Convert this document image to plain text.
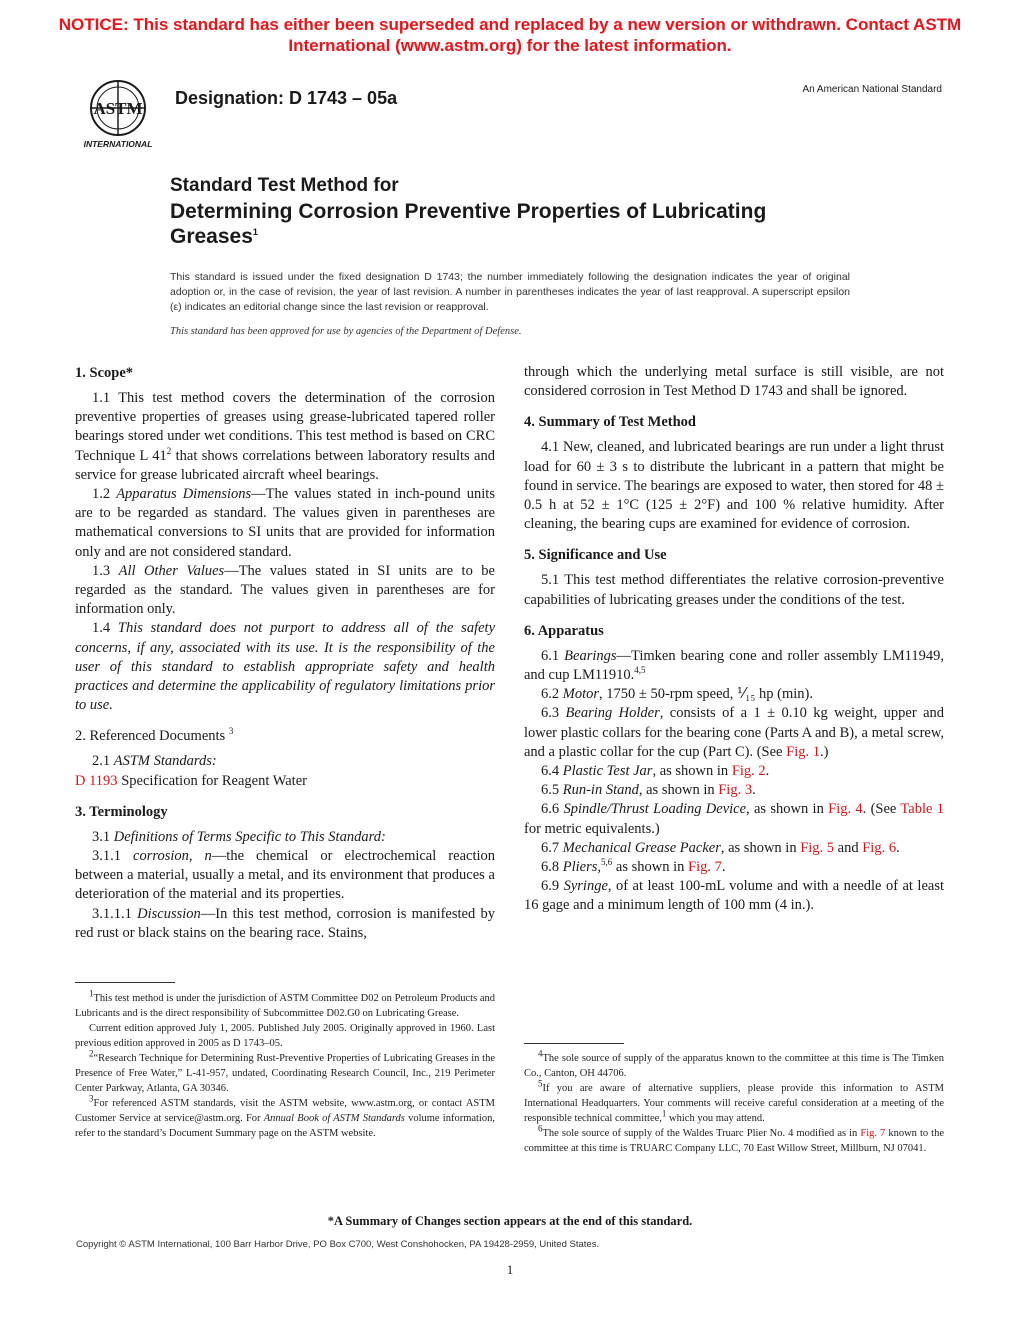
NOTICE: This standard has either been superseded and replaced by a new version or withdrawn. Contact ASTM
International (www.astm.org) for the latest information.
ASTM
INTERNATIONAL
Designation: D 1743 – 05a	An American National Standard
Standard Test Method for
Determining Corrosion Preventive Properties of Lubricating
Greases$^1$
This standard is issued under the fixed designation D 1743; the number immediately following the designation indicates the year of original adoption or, in the case of revision, the year of last revision. A number in parentheses indicates the year of last reapproval. A superscript epsilon (ε) indicates an editorial change since the last revision or reapproval.
This standard has been approved for use by agencies of the Department of Defense.
1. Scope*

1.1 This test method covers the determination of the corrosion preventive properties of greases using grease-lubricated tapered roller bearings stored under wet conditions. This test method is based on CRC Technique L $41^2$ that shows correlations between laboratory results and service for grease lubricated aircraft wheel bearings.

1.2 Apparatus Dimensions—The values stated in inch-pound units are to be regarded as standard. The values given in parentheses are mathematical conversions to SI units that are provided for information only and are not considered standard.

1.3 All Other Values—The values stated in SI units are to be regarded as the standard. The values given in parentheses are for information only.

1.4 This standard does not purport to address all of the safety concerns, if any, associated with its use. It is the responsibility of the user of this standard to establish appropriate safety and health practices and determine the applicability of regulatory limitations prior to use.

2. Referenced Documents $^3$

2.1 ASTM Standards:

D 1193 Specification for Reagent Water

3. Terminology

3.1 Definitions of Terms Specific to This Standard:

3.1.1 corrosion, n—the chemical or electrochemical reaction between a material, usually a metal, and its environment that produces a deterioration of the material and its properties.

3.1.1.1 Discussion—In this test method, corrosion is manifested by red rust or black stains on the bearing race. Stains,

$^1$This test method is under the jurisdiction of ASTM Committee D02 on Petroleum Products and Lubricants and is the direct responsibility of Subcommittee D02.G0 on Lubricating Grease.

Current edition approved July 1, 2005. Published July 2005. Originally approved in 1960. Last previous edition approved in 2005 as D 1743–05.

$^2$“Research Technique for Determining Rust-Preventive Properties of Lubricating Greases in the Presence of Free Water,” L-41-957, undated, Coordinating Research Council, Inc., 219 Perimeter Center Parkway, Atlanta, GA 30346.

$^3$For referenced ASTM standards, visit the ASTM website, www.astm.org, or contact ASTM Customer Service at service@astm.org. For Annual Book of ASTM Standards volume information, refer to the standard’s Document Summary page on the ASTM website.

through which the underlying metal surface is still visible, are not considered corrosion in Test Method D 1743 and shall be ignored.

4. Summary of Test Method

4.1 New, cleaned, and lubricated bearings are run under a light thrust load for 60 ± 3 s to distribute the lubricant in a pattern that might be found in service. The bearings are exposed to water, then stored for 48 ± 0.5 h at 52 ± 1°C (125 ± 2°F) and 100 % relative humidity. After cleaning, the bearing cups are examined for evidence of corrosion.

5. Significance and Use

5.1 This test method differentiates the relative corrosion-preventive capabilities of lubricating greases under the conditions of the test.

6. Apparatus

6.1 Bearings—Timken bearing cone and roller assembly LM11949, and cup LM11910.$^{4,5}$

6.2 Motor, 1750 ± 50-rpm speed, ⅟₁₅ hp (min).

6.3 Bearing Holder, consists of a 1 ± 0.10 kg weight, upper and lower plastic collars for the bearing cone (Parts A and B), a metal screw, and a plastic collar for the cup (Part C). (See Fig. 1.)

6.4 Plastic Test Jar, as shown in Fig. 2.

6.5 Run-in Stand, as shown in Fig. 3.

6.6 Spindle/Thrust Loading Device, as shown in Fig. 4. (See Table 1 for metric equivalents.)

6.7 Mechanical Grease Packer, as shown in Fig. 5 and Fig. 6.

6.8 Pliers,$^{5,6}$ as shown in Fig. 7.

6.9 Syringe, of at least 100-mL volume and with a needle of at least 16 gage and a minimum length of 100 mm (4 in.).

$^4$The sole source of supply of the apparatus known to the committee at this time is The Timken Co., Canton, OH 44706.

$^5$If you are aware of alternative suppliers, please provide this information to ASTM International Headquarters. Your comments will receive careful consideration at a meeting of the responsible technical committee,$^1$ which you may attend.

$^6$The sole source of supply of the Waldes Truarc Plier No. 4 modified as in Fig. 7 known to the committee at this time is TRUARC Company LLC, 70 East Willow Street, Millburn, NJ 07041.

*A Summary of Changes section appears at the end of this standard.
Copyright © ASTM International, 100 Barr Harbor Drive, PO Box C700, West Conshohocken, PA 19428-2959, United States.
1
